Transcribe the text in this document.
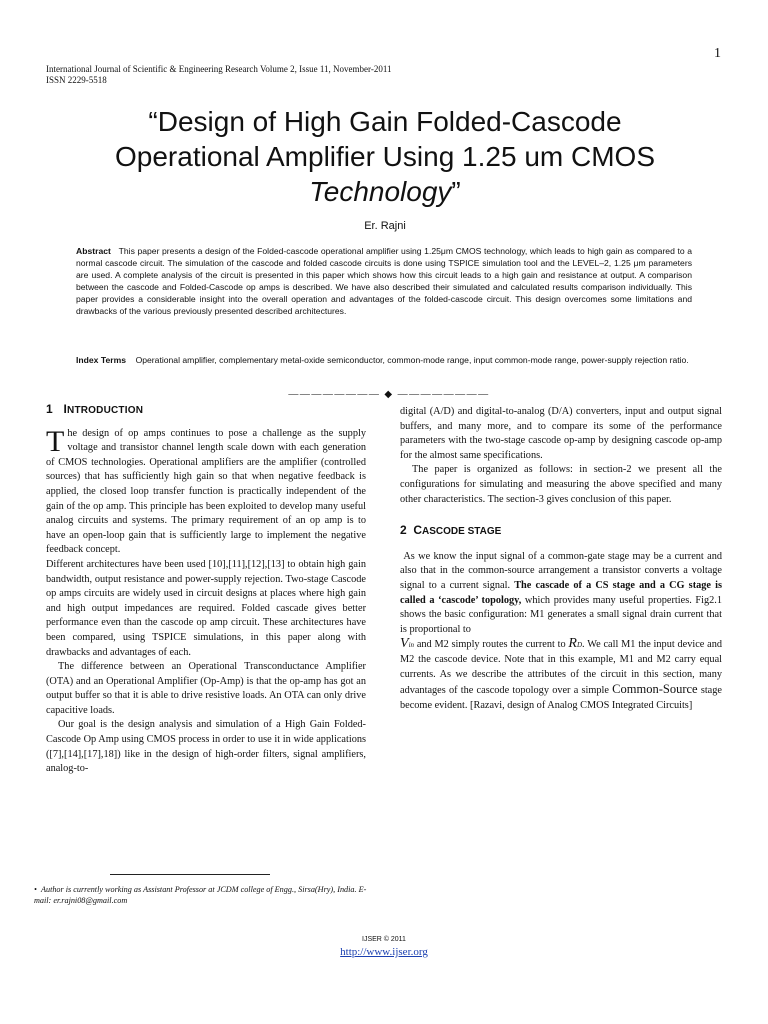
1
International Journal of Scientific & Engineering Research Volume 2, Issue 11, November-2011
ISSN 2229-5518
“Design of High Gain Folded-Cascode
Operational Amplifier Using 1.25 um CMOS
Technology”
Er. Rajni
Abstract This paper presents a design of the Folded-cascode operational amplifier using 1.25μm CMOS technology, which leads to high gain as compared to a normal cascode circuit. The simulation of the cascode and folded cascode circuits is done using TSPICE simulation tool and the LEVEL–2, 1.25 μm parameters are used. A complete analysis of the circuit is presented in this paper which shows how this circuit leads to a high gain and resistance at output. A comparison between the cascode and Folded-Cascode op amps is described. We have also described their simulated and calculated results comparison individually. This paper provides a considerable insight into the overall operation and advantages of the folded-cascode circuit. This design overcomes some limitations and drawbacks of the various previously presented described architectures.
Index Terms Operational amplifier, complementary metal-oxide semiconductor, common-mode range, input common-mode range, power-supply rejection ratio.
———————— ◆ ————————
1 INTRODUCTION

The design of op amps continues to pose a challenge as the supply voltage and transistor channel length scale down with each generation of CMOS technologies. Operational amplifiers are the amplifier (controlled sources) that has sufficiently high gain so that when negative feedback is applied, the closed loop transfer function is practically independent of the gain of the op amp. This principle has been exploited to develop many useful analog circuits and systems. The primary requirement of an op amp is to have an open-loop gain that is sufficiently large to implement the negative feedback concept.

Different architectures have been used [10],[11],[12],[13] to obtain high gain bandwidth, output resistance and power-supply rejection. Two-stage Cascode op amps circuits are widely used in circuit designs at places where high gain and high output impedances are required. Folded cascade gives better performance even than the cascode op amp circuit. These architectures have been compared, using TSPICE simulations, in this paper along with drawbacks and advantages of each.

The difference between an Operational Transconductance Amplifier (OTA) and an Operational Amplifier (Op-Amp) is that the op-amp has got an output buffer so that it is able to drive resistive loads. An OTA can only drive capacitive loads.

Our goal is the design analysis and simulation of a High Gain Folded-Cascode Op Amp using CMOS process in order to use it in wide applications ([7],[14],[17],18]) like in the design of high-order filters, signal amplifiers, analog-to-

digital (A/D) and digital-to-analog (D/A) converters, input and output signal buffers, and many more, and to compare its some of the performance parameters with the two-stage cascode op-amp by designing cascode op-amp for the almost same specifications.

The paper is organized as follows: in section-2 we present all the configurations for simulating and measuring the above specified and many other characteristics. The section-3 gives conclusion of this paper.

2 CASCODE STAGE

As we know the input signal of a common-gate stage may be a current and also that in the common-source arrangement a transistor converts a voltage signal to a current signal. The cascade of a CS stage and a CG stage is called a ‘cascode’ topology, which provides many useful properties. Fig2.1 shows the basic configuration: M1 generates a small signal drain current that is proportional to
Vin and M2 simply routes the current to RD. We call M1 the input device and M2 the cascode device. Note that in this example, M1 and M2 carry equal currents. As we describe the attributes of the circuit in this section, many advantages of the cascode topology over a simple Common-Source stage become evident. [Razavi, design of Analog CMOS Integrated Circuits]

• Author is currently working as Assistant Professor at JCDM college of Engg., Sirsa(Hry), India. E-mail: er.rajni08@gmail.com
IJSER © 2011
http://www.ijser.org
